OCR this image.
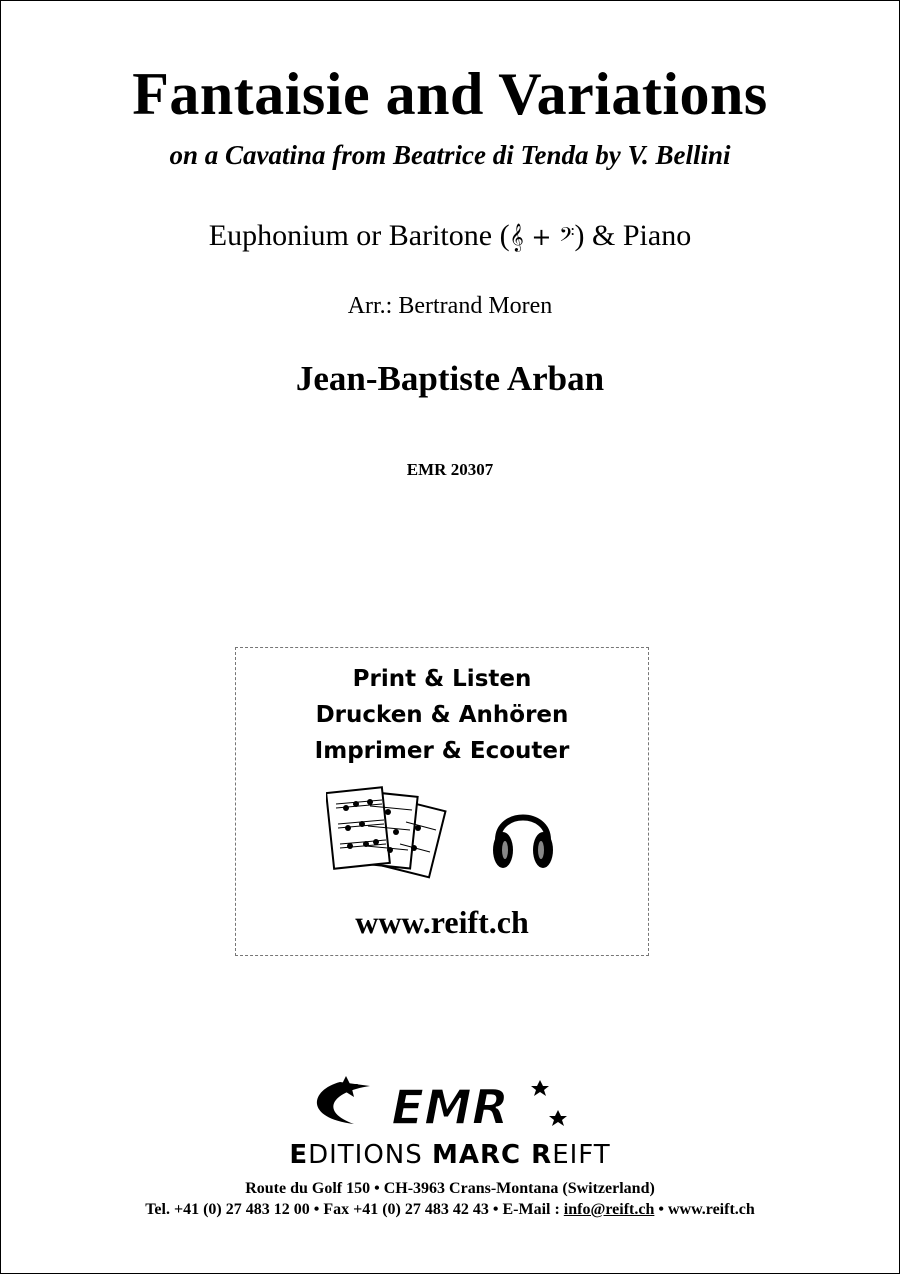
Fantaisie and Variations
on a Cavatina from Beatrice di Tenda by V. Bellini
Euphonium or Baritone (𝄞 + 𝄢) & Piano
Arr.: Bertrand Moren
Jean-Baptiste Arban
EMR 20307
Print & Listen
Drucken & Anhören
Imprimer & Ecouter
www.reift.ch
EMR
EDITIONS MARC REIFT
Route du Golf 150 • CH-3963 Crans-Montana (Switzerland)
Tel. +41 (0) 27 483 12 00 • Fax +41 (0) 27 483 42 43 • E-Mail : info@reift.ch • www.reift.ch
